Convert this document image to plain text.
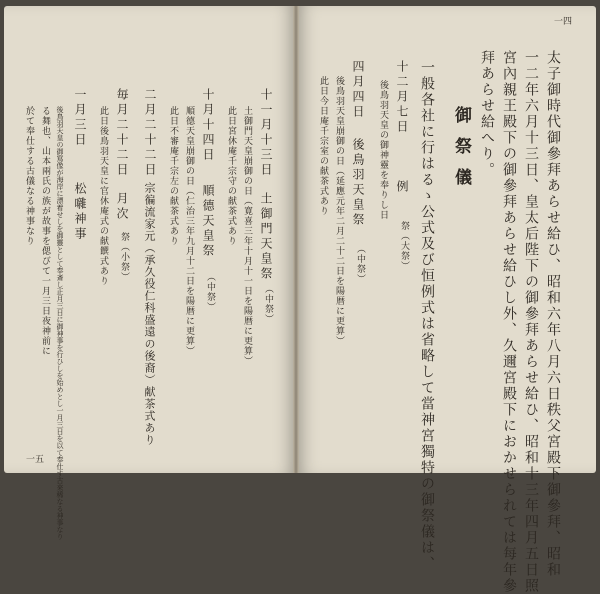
一四
太子御時代御參拜あらせ給ひ、昭和六年八月六日秩父宮殿下御參拜、昭和
一二年六月十三日、皇太后陛下の御參拜あらせ給ひ、昭和十三年四月五日照
宮內親王殿下の御參拜あらせ給ひし外、久邇宮殿下におかせられては每年參
拜あらせ給へり。
御祭儀
一般各社に行はるゝ公式及び恒例式は省略して當神宮獨特の御祭儀は、
十二月七日
例
祭（大祭）
後鳥羽天皇の御神靈を奉りし日
四月四日
後鳥羽天皇祭
（中祭）
後鳥羽天皇崩御の日（延應元年二月二十二日を陽暦に更算）
此日今日庵千宗室の献茶式あり
一五
十一月十三日
土御門天皇祭
（中祭）
土御門天皇崩御の日（寛喜三年十月十一日を陽暦に更算）
此日宮休庵千宗守の献茶式あり
十月十四日
順德天皇祭
（中祭）
順德天皇崩御の日（仁治三年九月十二日を陽暦に更算）
此日不審庵千宗左の献茶式あり
二月二十二日
宗徧流家元（承久役仁科盛遠の後裔）献茶式あり
毎月二十二日
月次
祭（小祭）
此日後鳥羽天皇に官休庵式の献饌式あり
一月三日
松囃神事
後鳥羽天皇の御寫像が海岸に漂着せしを御靈として奉斎し正月三日に御神事を行ひしを始めとし一月三日を以て奉仕す古來稀なる神事なり
る舞也、山本兩氏の族が故事を偲びて一月三日夜神前に
於て奉仕する古儀なる神事なり
